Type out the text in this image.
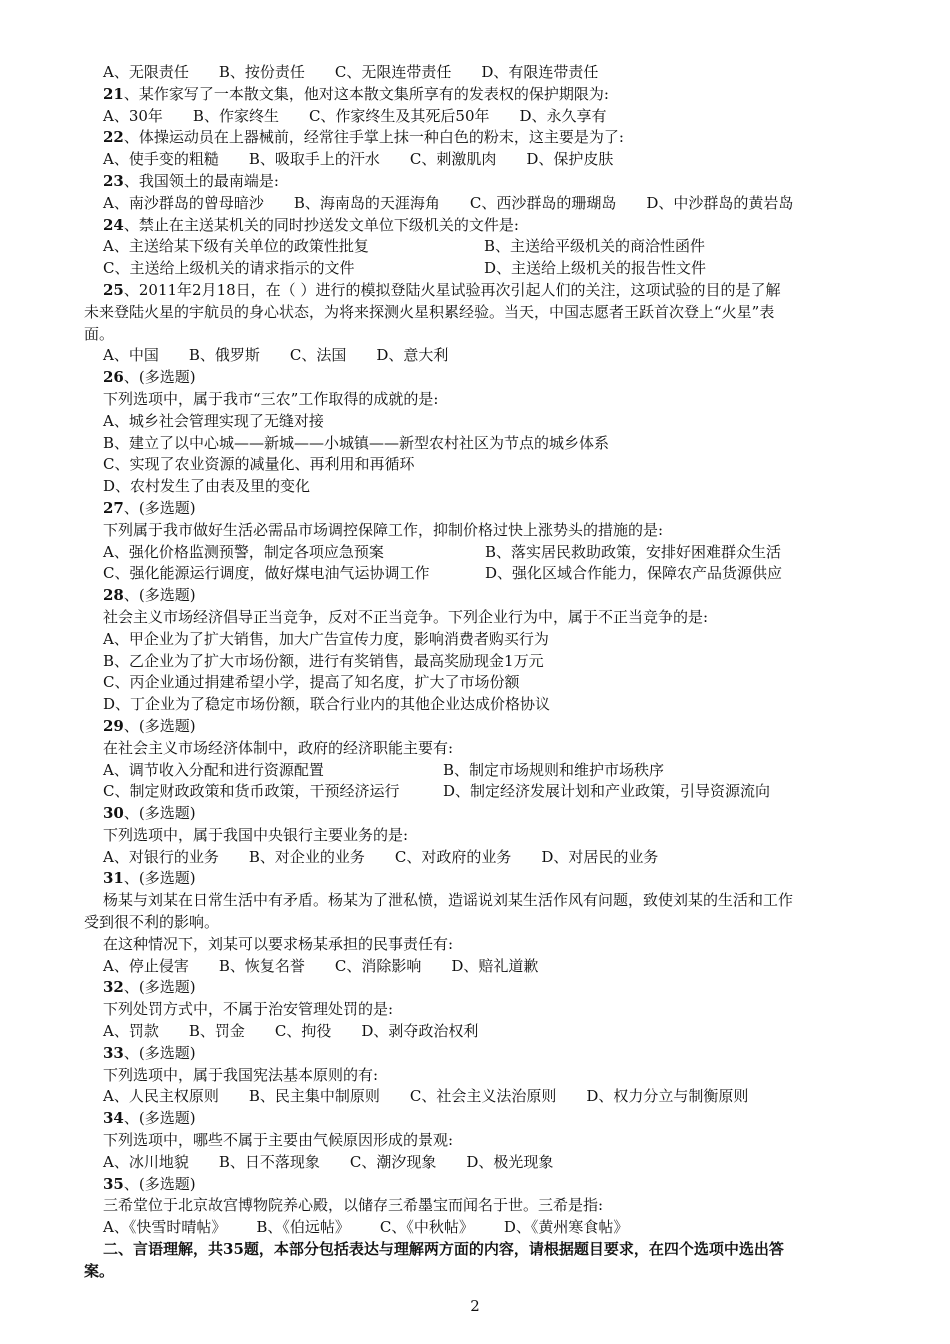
A、无限责任 B、按份责任 C、无限连带责任 D、有限连带责任
21、某作家写了一本散文集，他对这本散文集所享有的发表权的保护期限为:
A、30年 B、作家终生 C、作家终生及其死后50年 D、永久享有
22、体操运动员在上器械前，经常往手掌上抹一种白色的粉末，这主要是为了:
A、使手变的粗糙 B、吸取手上的汗水 C、刺激肌肉 D、保护皮肤
23、我国领土的最南端是:
A、南沙群岛的曾母暗沙 B、海南岛的天涯海角 C、西沙群岛的珊瑚岛 D、中沙群岛的黄岩岛
24、禁止在主送某机关的同时抄送发文单位下级机关的文件是:
A、主送给某下级有关单位的政策性批复	B、主送给平级机关的商洽性函件
C、主送给上级机关的请求指示的文件	D、主送给上级机关的报告性文件
25、2011年2月18日，在（ ）进行的模拟登陆火星试验再次引起人们的关注，这项试验的目的是了解
未来登陆火星的宇航员的身心状态，为将来探测火星积累经验。当天，中国志愿者王跃首次登上“火星”表
面。
A、中国 B、俄罗斯 C、法国 D、意大利
26、(多选题)
下列选项中，属于我市“三农”工作取得的成就的是:
A、城乡社会管理实现了无缝对接
B、建立了以中心城——新城——小城镇——新型农村社区为节点的城乡体系
C、实现了农业资源的减量化、再利用和再循环
D、农村发生了由表及里的变化
27、(多选题)
下列属于我市做好生活必需品市场调控保障工作，抑制价格过快上涨势头的措施的是:
A、强化价格监测预警，制定各项应急预案	B、落实居民救助政策，安排好困难群众生活
C、强化能源运行调度，做好煤电油气运协调工作	D、强化区域合作能力，保障农产品货源供应
28、(多选题)
社会主义市场经济倡导正当竞争，反对不正当竞争。下列企业行为中，属于不正当竞争的是:
A、甲企业为了扩大销售，加大广告宣传力度，影响消费者购买行为
B、乙企业为了扩大市场份额，进行有奖销售，最高奖励现金1万元
C、丙企业通过捐建希望小学，提高了知名度，扩大了市场份额
D、丁企业为了稳定市场份额，联合行业内的其他企业达成价格协议
29、(多选题)
在社会主义市场经济体制中，政府的经济职能主要有:
A、调节收入分配和进行资源配置	B、制定市场规则和维护市场秩序
C、制定财政政策和货币政策，干预经济运行	D、制定经济发展计划和产业政策，引导资源流向
30、(多选题)
下列选项中，属于我国中央银行主要业务的是:
A、对银行的业务 B、对企业的业务 C、对政府的业务 D、对居民的业务
31、(多选题)
杨某与刘某在日常生活中有矛盾。杨某为了泄私愤，造谣说刘某生活作风有问题，致使刘某的生活和工作
受到很不利的影响。
在这种情况下，刘某可以要求杨某承担的民事责任有:
A、停止侵害 B、恢复名誉 C、消除影响 D、赔礼道歉
32、(多选题)
下列处罚方式中，不属于治安管理处罚的是:
A、罚款 B、罚金 C、拘役 D、剥夺政治权利
33、(多选题)
下列选项中，属于我国宪法基本原则的有:
A、人民主权原则 B、民主集中制原则 C、社会主义法治原则 D、权力分立与制衡原则
34、(多选题)
下列选项中，哪些不属于主要由气候原因形成的景观:
A、冰川地貌 B、日不落现象 C、潮汐现象 D、极光现象
35、(多选题)
三希堂位于北京故宫博物院养心殿，以储存三希墨宝而闻名于世。三希是指:
A、《快雪时晴帖》 B、《伯远帖》 C、《中秋帖》 D、《黄州寒食帖》
二、言语理解，共35题，本部分包括表达与理解两方面的内容，请根据题目要求，在四个选项中选出答
案。
2
